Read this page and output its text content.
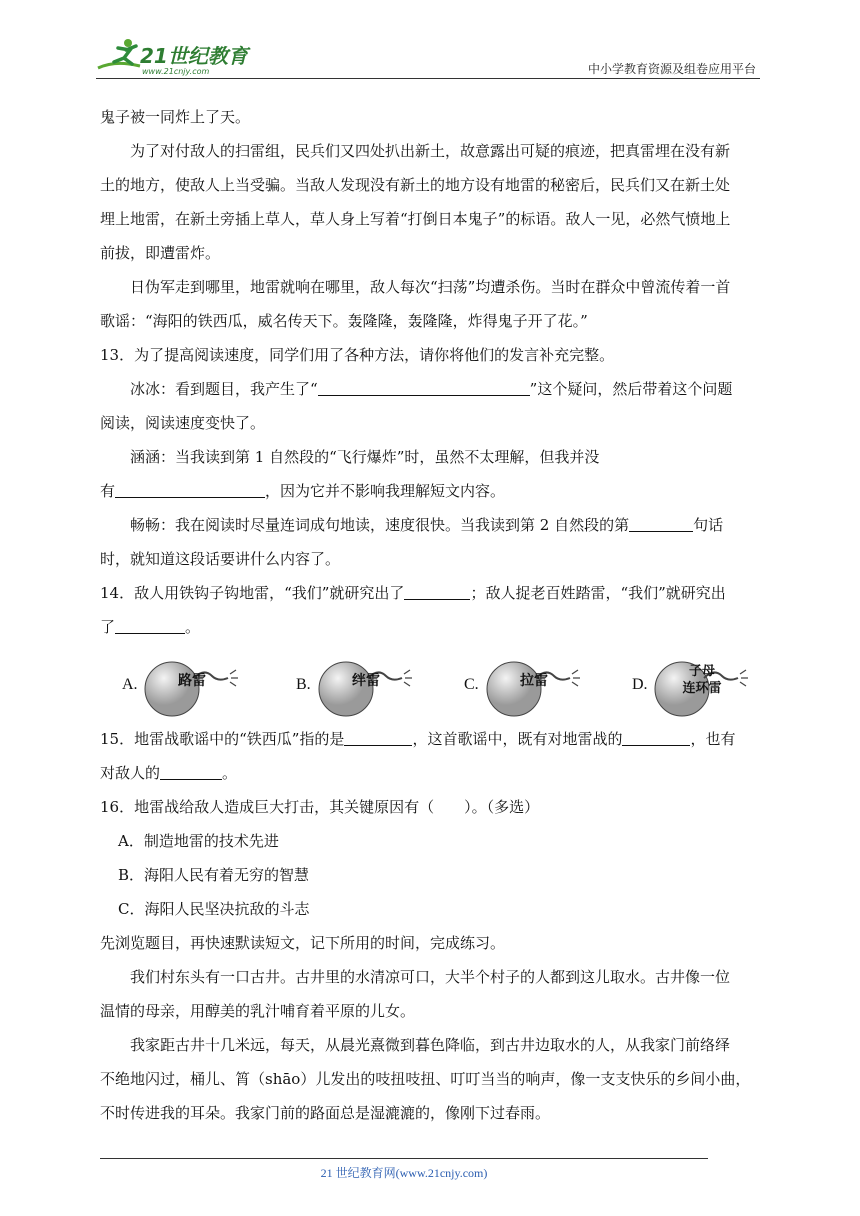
21世纪教育
www.21cnjy.com	中小学教育资源及组卷应用平台

鬼子被一同炸上了天。

为了对付敌人的扫雷组，民兵们又四处扒出新土，故意露出可疑的痕迹，把真雷埋在没有新

土的地方，使敌人上当受骗。当敌人发现没有新土的地方设有地雷的秘密后，民兵们又在新土处

埋上地雷，在新土旁插上草人，草人身上写着“打倒日本鬼子”的标语。敌人一见，必然气愤地上

前拔，即遭雷炸。

日伪军走到哪里，地雷就响在哪里，敌人每次“扫荡”均遭杀伤。当时在群众中曾流传着一首

歌谣：“海阳的铁西瓜，威名传天下。轰隆隆，轰隆隆，炸得鬼子开了花。”

13．为了提高阅读速度，同学们用了各种方法，请你将他们的发言补充完整。

冰冰：看到题目，我产生了“	”这个疑问，然后带着这个问题

阅读，阅读速度变快了。

涵涵：当我读到第 1 自然段的“飞行爆炸”时，虽然不太理解，但我并没

有	，因为它并不影响我理解短文内容。

畅畅：我在阅读时尽量连词成句地读，速度很快。当我读到第 2 自然段的第	句话

时，就知道这段话要讲什么内容了。

14．敌人用铁钩子钩地雷，“我们”就研究出了	；敌人捉老百姓踏雷，“我们”就研究出

了	。

A.	路雷	B.	绊雷	C.	拉雷	D.
子母
连环雷

15．地雷战歌谣中的“铁西瓜”指的是	，这首歌谣中，既有对地雷战的	，也有

对敌人的	。

16．地雷战给敌人造成巨大打击，其关键原因有（　　）。（多选）

A．制造地雷的技术先进

B．海阳人民有着无穷的智慧

C．海阳人民坚决抗敌的斗志

先浏览题目，再快速默读短文，记下所用的时间，完成练习。

我们村东头有一口古井。古井里的水清凉可口，大半个村子的人都到这儿取水。古井像一位

温情的母亲，用醇美的乳汁哺育着平原的儿女。

我家距古井十几米远，每天，从晨光熹微到暮色降临，到古井边取水的人，从我家门前络绎

不绝地闪过，桶儿、筲（shāo）儿发出的吱扭吱扭、叮叮当当的响声，像一支支快乐的乡间小曲，

不时传进我的耳朵。我家门前的路面总是湿漉漉的，像刚下过春雨。

21 世纪教育网(www.21cnjy.com)
